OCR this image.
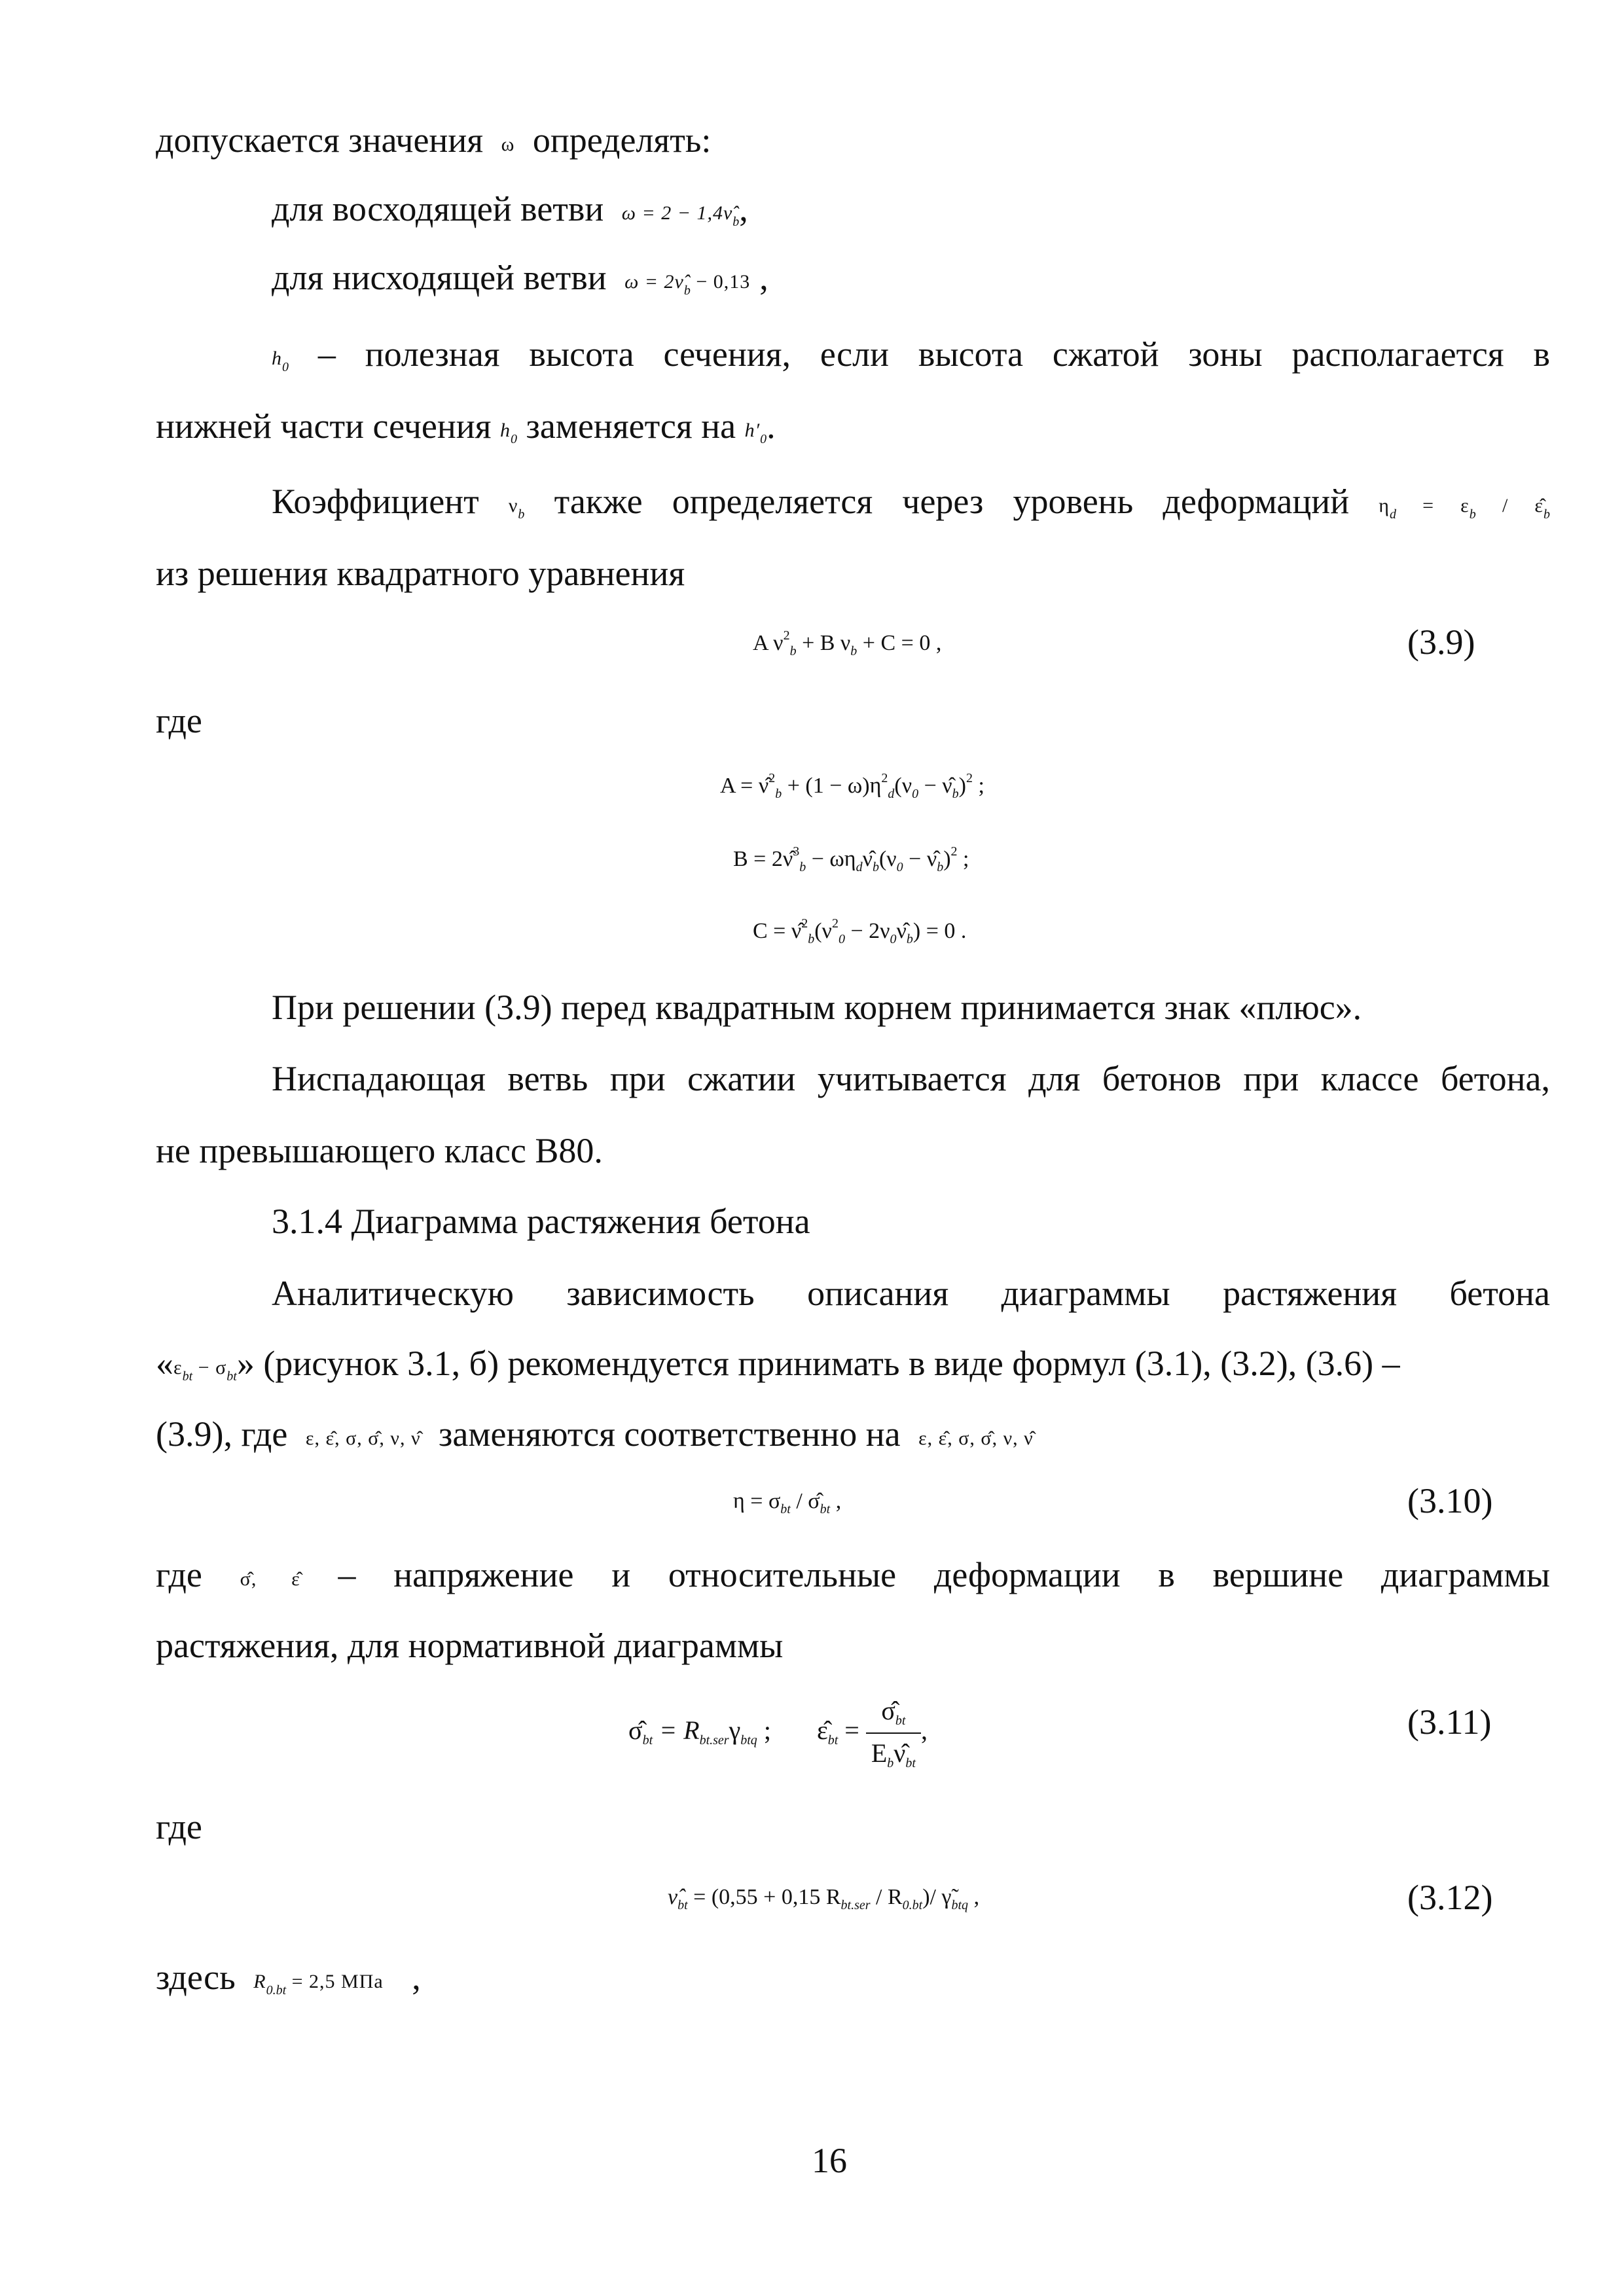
допускается значения ω определять:
для восходящей ветви $\omega = 2 - 1,4\nû_b$,
для нисходящей ветви $\omega = 2\nû_b - 0,13$ ,
$h_0$ – полезная высота сечения, если высота сжатой зоны располагается в
нижней части сечения $h_0$ заменяется на $h'_0$.
Коэффициент $\nu_b$ также определяется через уровень деформаций $\eta_d = \varepsilon_b$ / $\varepsilon̂_b$
из решения квадратного уравнения
A $\nu^2_b + B$ $\nu_b + C = 0$ ,	(3.9)
где
A = ν̂$^2_b$ + $(1 - \omega)\eta^2_d(\nu_0$ − $\nû_b)^2$ ;
B = 2ν̂$^3_b$ − $\omega\eta_d\nû_b(\nu_0$ − $\nû_b)^2$ ;
$C = \nû^2_b(\nu^2_0$ − $2\nu_0\nû_b) = 0$ .
При решении (3.9) перед квадратным корнем принимается знак «плюс».
Ниспадающая ветвь при сжатии учитывается для бетонов при классе бетона,
не превышающего класс В80.
3.1.4 Диаграмма растяжения бетона
Аналитическую зависимость описания диаграммы растяжения бетона
«$\varepsilon_{bt} - \sigma_{bt}$» (рисунок 3.1, б) рекомендуется принимать в виде формул (3.1), (3.2), (3.6) –
(3.9), где ε, ε̂, σ, σ̂, ν, ν̂ заменяются соответственно на ε, ε̂, σ, σ̂, ν, ν̂
$\eta = \sigma_{bt}$ / $\sigmâ_{bt}$ ,	(3.10)
где σ̂, ε̂ – напряжение и относительные деформации в вершине диаграммы
растяжения, для нормативной диаграммы
$\sigmâ_{bt} = R_{bt.ser}\gamma_{btq}$ ; $\varepsilon̂_{bt} = \frac{\sigmâ_{bt}}{E_b\nû_{bt}}$ ,	(3.11)
где
$\nû_{bt} = (0,55 + 0,15$ $R_{bt.ser} / R_{0.bt})/$ $\gammã_{btq}$ ,	(3.12)
здесь $R_{0.bt} = 2,5$ МПа ,
16
